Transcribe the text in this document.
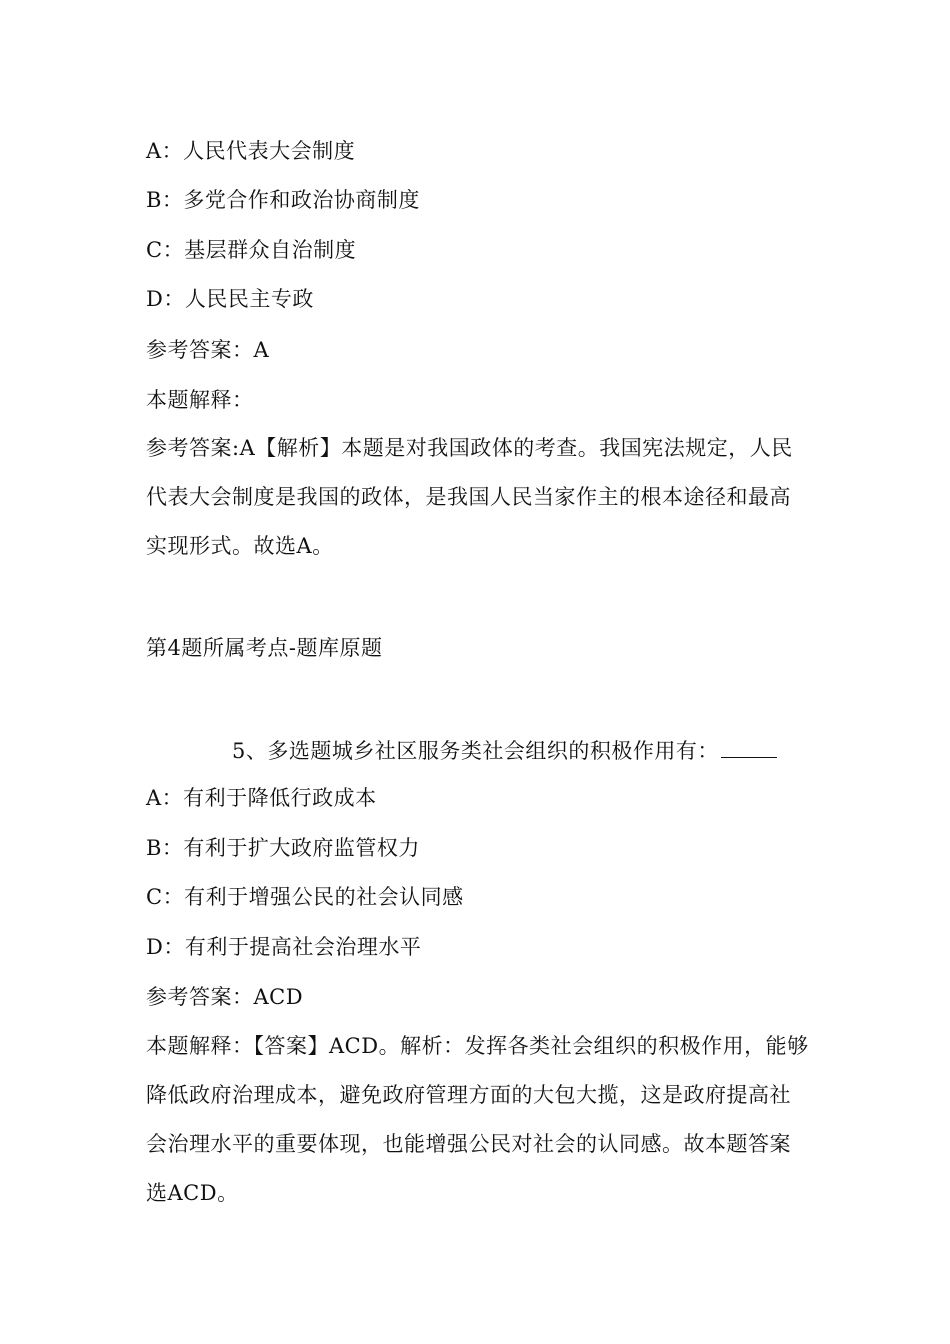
A：人民代表大会制度
B：多党合作和政治协商制度
C：基层群众自治制度
D：人民民主专政
参考答案：A
本题解释：
参考答案:A【解析】本题是对我国政体的考查。我国宪法规定，人民代表大会制度是我国的政体，是我国人民当家作主的根本途径和最高实现形式。故选A。
第4题所属考点-题库原题
5、多选题城乡社区服务类社会组织的积极作用有：
A：有利于降低行政成本
B：有利于扩大政府监管权力
C：有利于增强公民的社会认同感
D：有利于提高社会治理水平
参考答案：ACD
本题解释：【答案】ACD。解析：发挥各类社会组织的积极作用，能够降低政府治理成本，避免政府管理方面的大包大揽，这是政府提高社会治理水平的重要体现，也能增强公民对社会的认同感。故本题答案选ACD。
